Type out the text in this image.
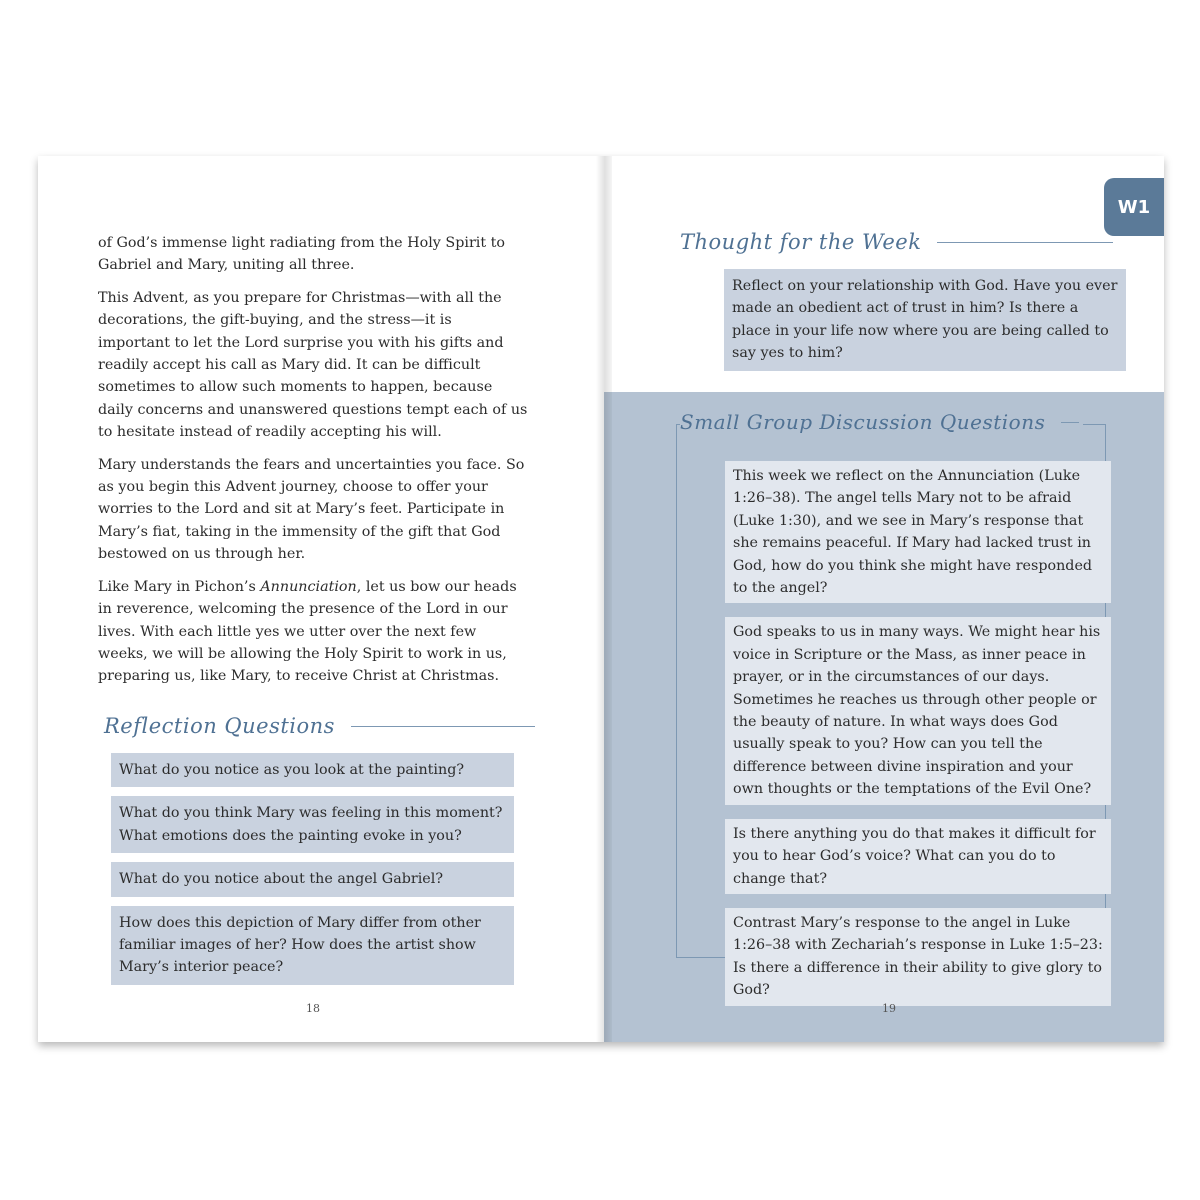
of God’s immense light radiating from the Holy Spirit to Gabriel and Mary, uniting all three.

This Advent, as you prepare for Christmas—with all the decorations, the gift-buying, and the stress—it is important to let the Lord surprise you with his gifts and readily accept his call as Mary did. It can be difficult sometimes to allow such moments to happen, because daily concerns and unanswered questions tempt each of us to hesitate instead of readily accepting his will.

Mary understands the fears and uncertainties you face. So as you begin this Advent journey, choose to offer your worries to the Lord and sit at Mary’s feet. Participate in Mary’s fiat, taking in the immensity of the gift that God bestowed on us through her.

Like Mary in Pichon’s Annunciation, let us bow our heads in reverence, welcoming the presence of the Lord in our lives. With each little yes we utter over the next few weeks, we will be allowing the Holy Spirit to work in us, preparing us, like Mary, to receive Christ at Christmas.

Reflection Questions
What do you notice as you look at the painting?
What do you think Mary was feeling in this moment? What emotions does the painting evoke in you?
What do you notice about the angel Gabriel?
How does this depiction of Mary differ from other familiar images of her? How does the artist show Mary’s interior peace?
18
W1
Thought for the Week
Reflect on your relationship with God. Have you ever made an obedient act of trust in him? Is there a place in your life now where you are being called to say yes to him?
Small Group Discussion Questions
This week we reflect on the Annunciation (Luke 1:26–38). The angel tells Mary not to be afraid (Luke 1:30), and we see in Mary’s response that she remains peaceful. If Mary had lacked trust in God, how do you think she might have responded to the angel?
God speaks to us in many ways. We might hear his voice in Scripture or the Mass, as inner peace in prayer, or in the circumstances of our days. Sometimes he reaches us through other people or the beauty of nature. In what ways does God usually speak to you? How can you tell the difference between divine inspiration and your own thoughts or the temptations of the Evil One?
Is there anything you do that makes it difficult for you to hear God’s voice? What can you do to change that?
Contrast Mary’s response to the angel in Luke 1:26–38 with Zechariah’s response in Luke 1:5–23: Is there a difference in their ability to give glory to God?
19
